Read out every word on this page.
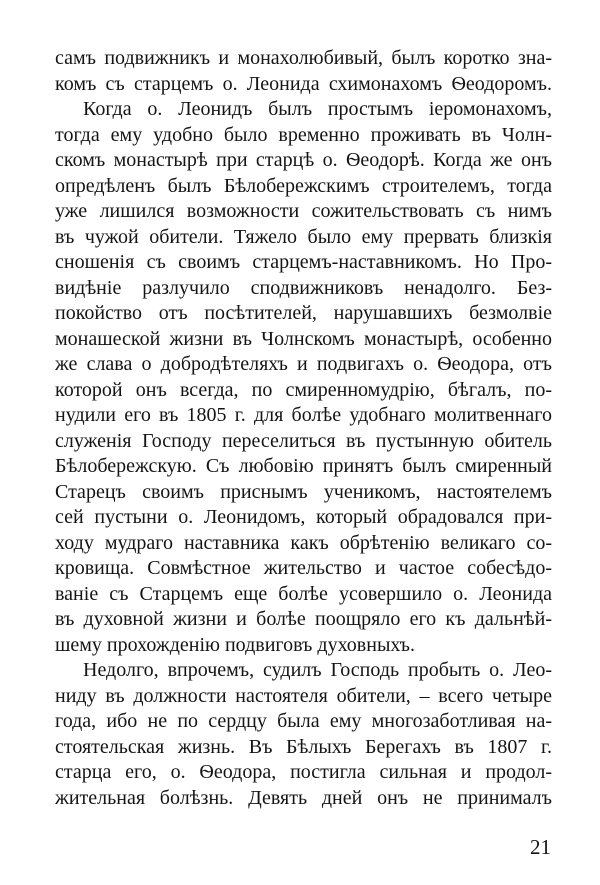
самъ подвижникъ и монахолюбивый, былъ коротко зна-
комъ съ старцемъ о. Леонида схимонахомъ Ѳеодоромъ.
Когда о. Леонидъ былъ простымъ іеромонахомъ,
тогда ему удобно было временно проживать въ Чолн-
скомъ монастырѣ при старцѣ о. Ѳеодорѣ. Когда же онъ
опредѣленъ былъ Бѣлобережскимъ строителемъ, тогда
уже лишился возможности сожительствовать съ нимъ
въ чужой обители. Тяжело было ему прервать близкія
сношенія съ своимъ старцемъ-наставникомъ. Но Про-
видѣніе разлучило сподвижниковъ ненадолго. Без-
покойство отъ посѣтителей, нарушавшихъ безмолвіе
монашеской жизни въ Чолнскомъ монастырѣ, особенно
же слава о добродѣтеляхъ и подвигахъ о. Ѳеодора, отъ
которой онъ всегда, по смиренномудрію, бѣгалъ, по-
нудили его въ 1805 г. для болѣе удобнаго молитвеннаго
служенія Господу переселиться въ пустынную обитель
Бѣлобережскую. Съ любовію принятъ былъ смиренный
Старецъ своимъ приснымъ ученикомъ, настоятелемъ
сей пустыни о. Леонидомъ, который обрадовался при-
ходу мудраго наставника какъ обрѣтенію великаго со-
кровища. Совмѣстное жительство и частое собесѣдо-
ваніе съ Старцемъ еще болѣе усовершило о. Леонида
въ духовной жизни и болѣе поощряло его къ дальнѣй-
шему прохожденію подвиговъ духовныхъ.
Недолго, впрочемъ, судилъ Господь пробыть о. Лео-
ниду въ должности настоятеля обители, – всего четыре
года, ибо не по сердцу была ему многозаботливая на-
стоятельская жизнь. Въ Бѣлыхъ Берегахъ въ 1807 г.
старца его, о. Ѳеодора, постигла сильная и продол-
жительная болѣзнь. Девять дней онъ не принималъ
21
